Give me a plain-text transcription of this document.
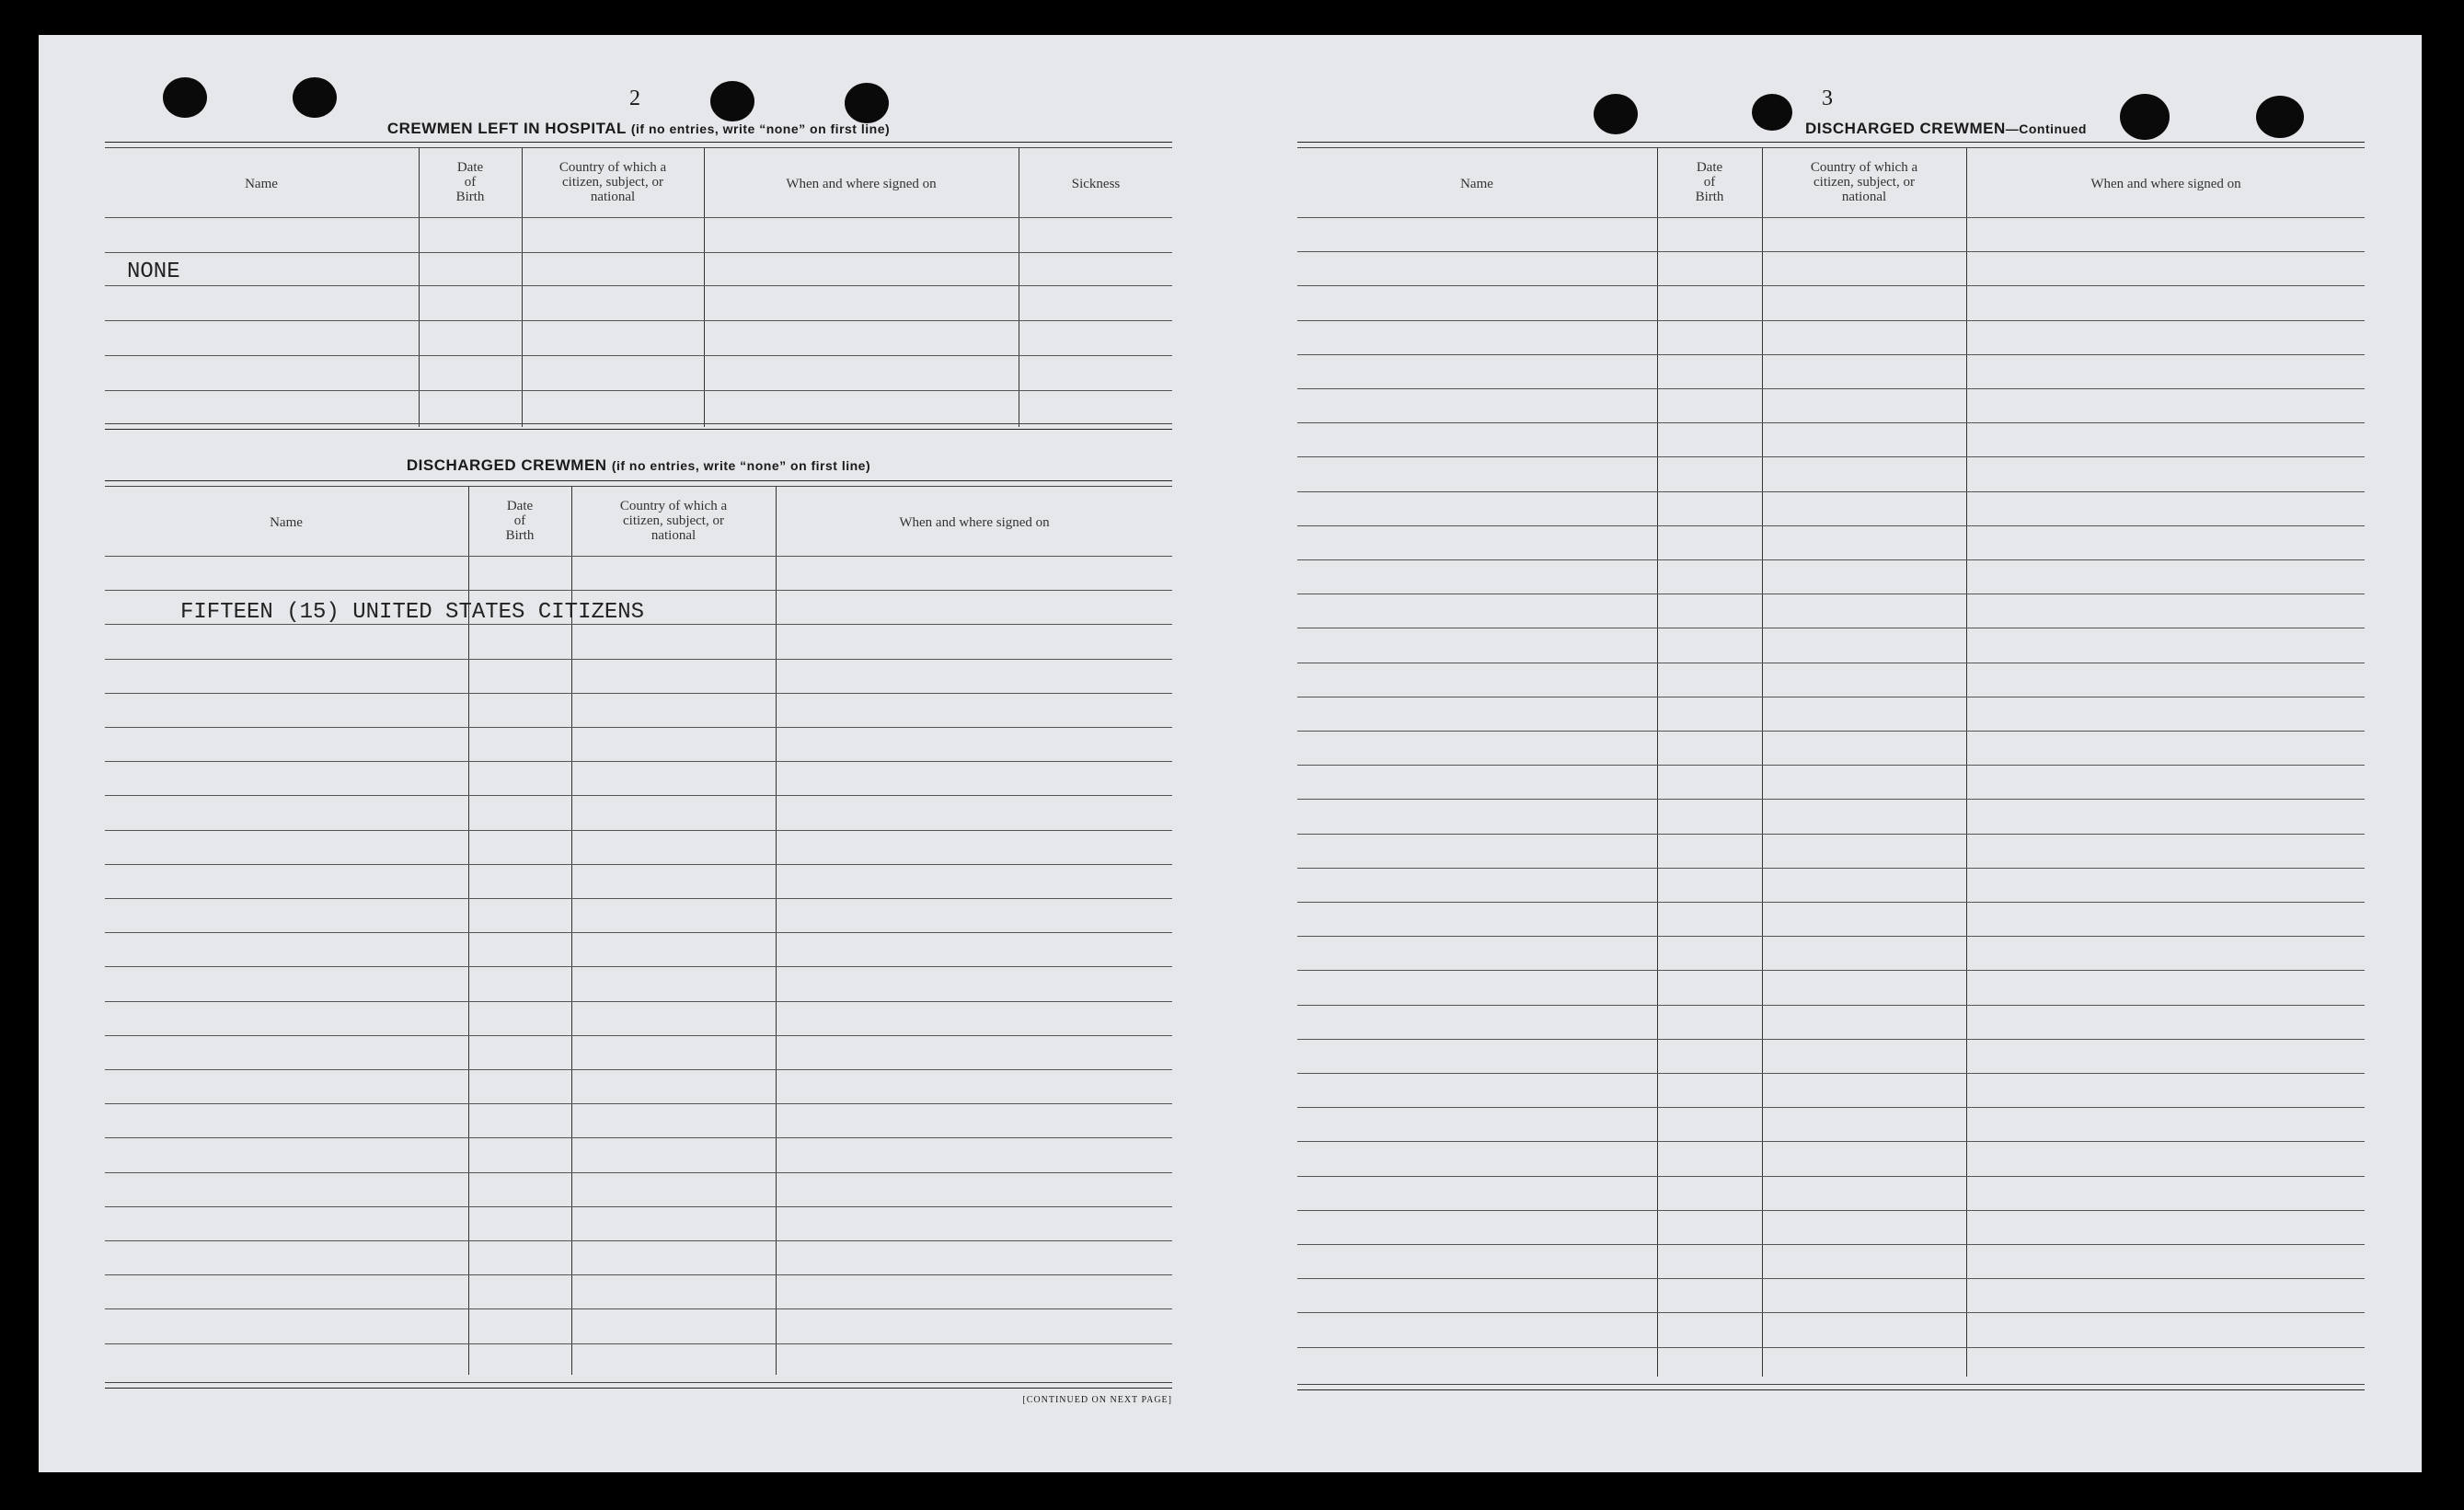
2
CREWMEN LEFT IN HOSPITAL (if no entries, write “none” on first line)
Name
Date
of
Birth
Country of which a
citizen, subject, or
national
When and where signed on	Sickness
NONE
DISCHARGED CREWMEN (if no entries, write “none” on first line)
Name
Date
of
Birth
Country of which a
citizen, subject, or
national
When and where signed on
FIFTEEN (15) UNITED STATES CITIZENS
[CONTINUED ON NEXT PAGE]
3
DISCHARGED CREWMEN—Continued
Name
Date
of
Birth
Country of which a
citizen, subject, or
national
When and where signed on
